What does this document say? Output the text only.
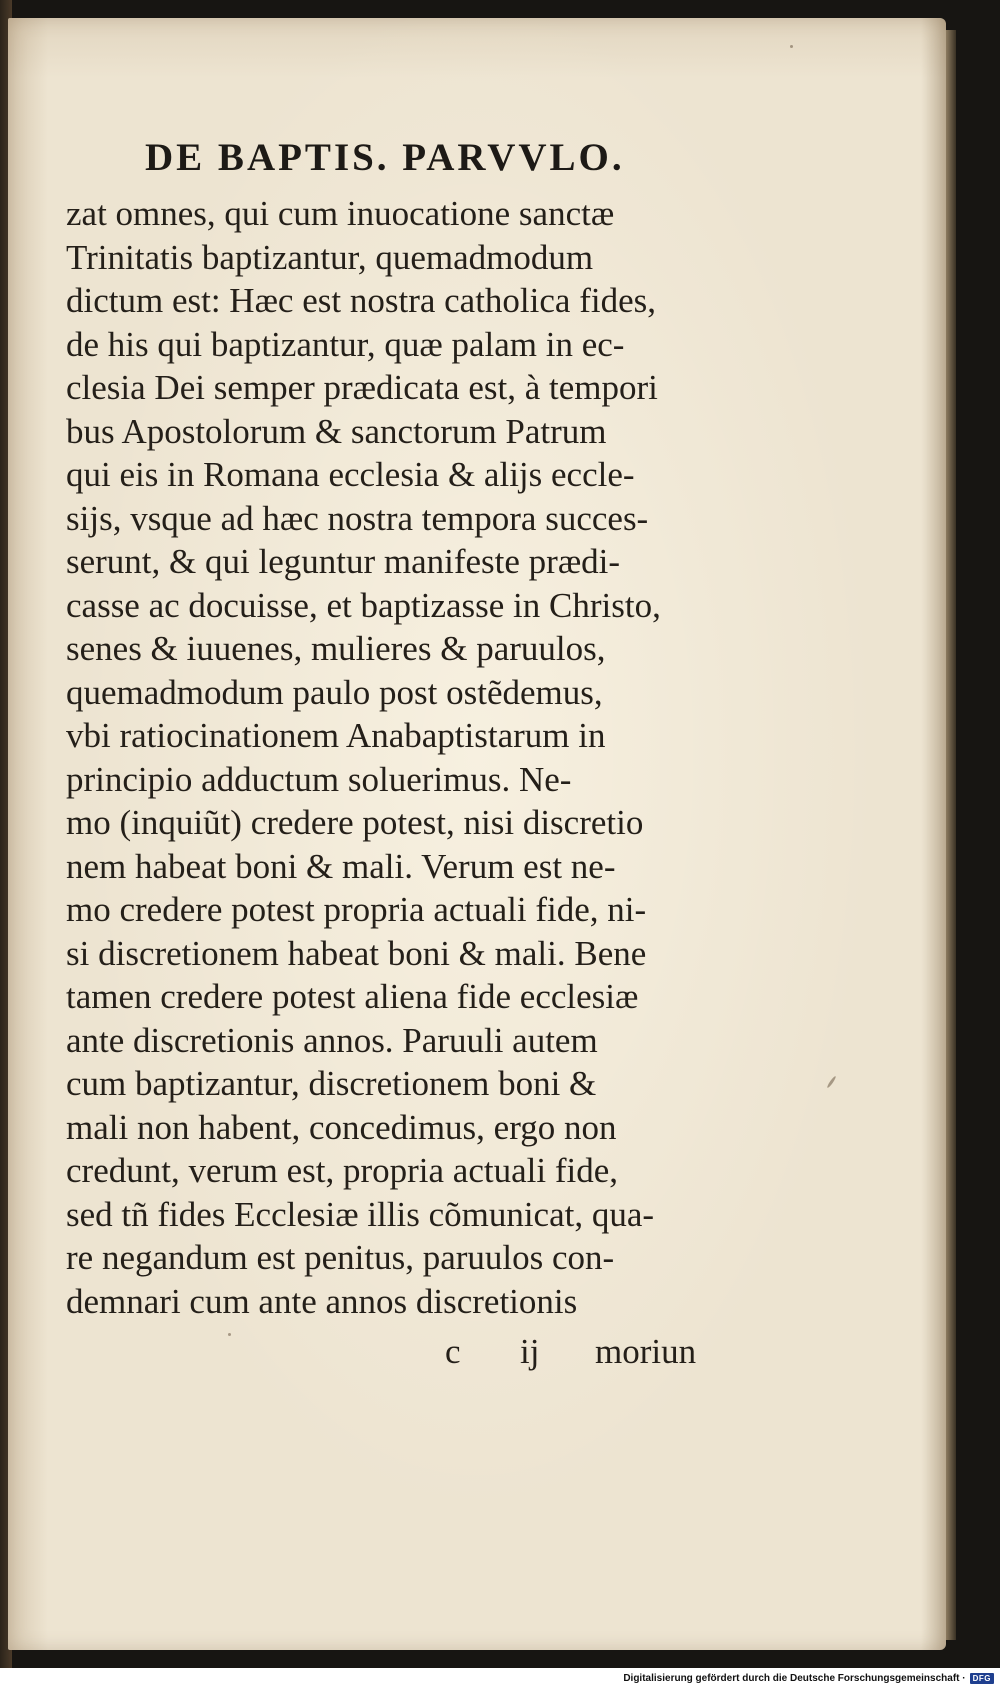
DE BAPTIS. PARVVLO.
zat omnes, qui cum inuocatione sanctæ
Trinitatis baptizantur, quemadmodum
dictum est: Hæc est nostra catholica fides,
de his qui baptizantur, quæ palam in ec-
clesia Dei semper prædicata est, à tempori
bus Apostolorum & sanctorum Patrum
qui eis in Romana ecclesia & alijs eccle-
sijs, vsque ad hæc nostra tempora succes-
serunt, & qui leguntur manifeste prædi-
casse ac docuisse, et baptizasse in Christo,
senes & iuuenes, mulieres & paruulos,
quemadmodum paulo post ostẽdemus,
vbi ratiocinationem Anabaptistarum in
principio adductum soluerimus. Ne-
mo (inquiũt) credere potest, nisi discretio
nem habeat boni & mali. Verum est ne-
mo credere potest propria actuali fide, ni-
si discretionem habeat boni & mali. Bene
tamen credere potest aliena fide ecclesiæ
ante discretionis annos. Paruuli autem
cum baptizantur, discretionem boni &
mali non habent, concedimus, ergo non
credunt, verum est, propria actuali fide,
sed tñ fides Ecclesiæ illis cõmunicat, qua-
re negandum est penitus, paruulos con-
demnari cum ante annos discretionis
c ij moriun
Digitalisierung gefördert durch die Deutsche Forschungsgemeinschaft · DFG
